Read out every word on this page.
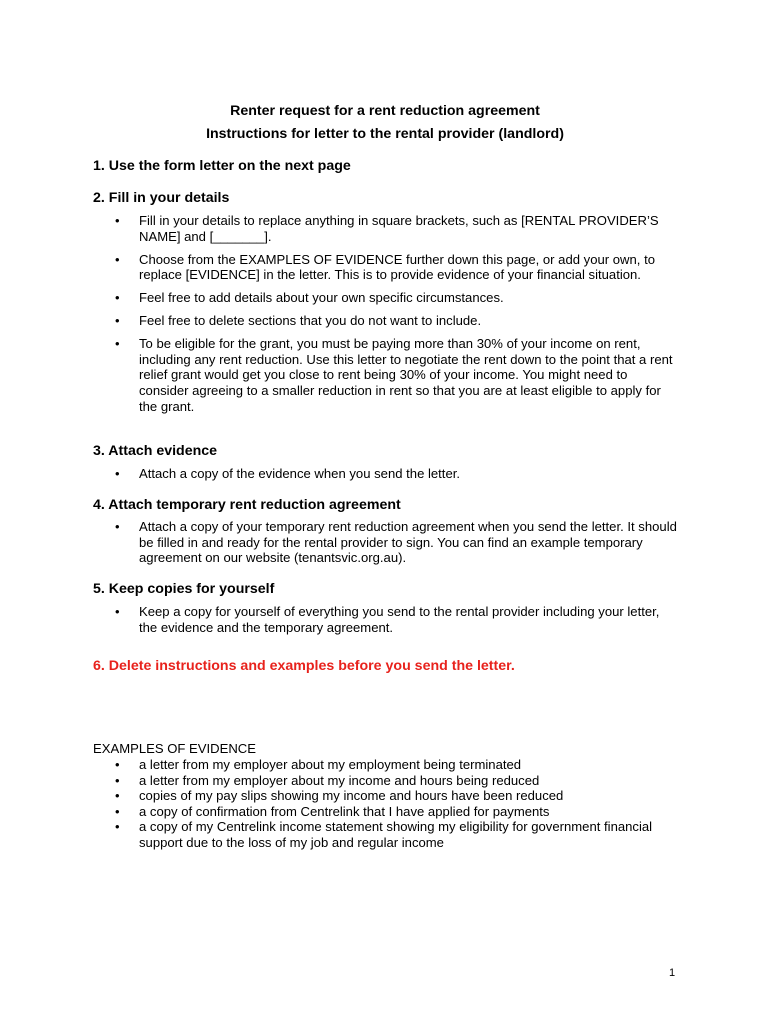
Renter request for a rent reduction agreement
Instructions for letter to the rental provider (landlord)
1. Use the form letter on the next page
2. Fill in your details
• Fill in your details to replace anything in square brackets, such as [RENTAL PROVIDER’S NAME] and [_______].
• Choose from the EXAMPLES OF EVIDENCE further down this page, or add your own, to replace [EVIDENCE] in the letter. This is to provide evidence of your financial situation.
• Feel free to add details about your own specific circumstances.
• Feel free to delete sections that you do not want to include.
• To be eligible for the grant, you must be paying more than 30% of your income on rent, including any rent reduction. Use this letter to negotiate the rent down to the point that a rent relief grant would get you close to rent being 30% of your income. You might need to consider agreeing to a smaller reduction in rent so that you are at least eligible to apply for the grant.
3. Attach evidence
• Attach a copy of the evidence when you send the letter.
4. Attach temporary rent reduction agreement
• Attach a copy of your temporary rent reduction agreement when you send the letter. It should be filled in and ready for the rental provider to sign. You can find an example temporary agreement on our website (tenantsvic.org.au).
5. Keep copies for yourself
• Keep a copy for yourself of everything you send to the rental provider including your letter, the evidence and the temporary agreement.
6. Delete instructions and examples before you send the letter.
EXAMPLES OF EVIDENCE
• a letter from my employer about my employment being terminated
• a letter from my employer about my income and hours being reduced
• copies of my pay slips showing my income and hours have been reduced
• a copy of confirmation from Centrelink that I have applied for payments
• a copy of my Centrelink income statement showing my eligibility for government financial support due to the loss of my job and regular income
1
